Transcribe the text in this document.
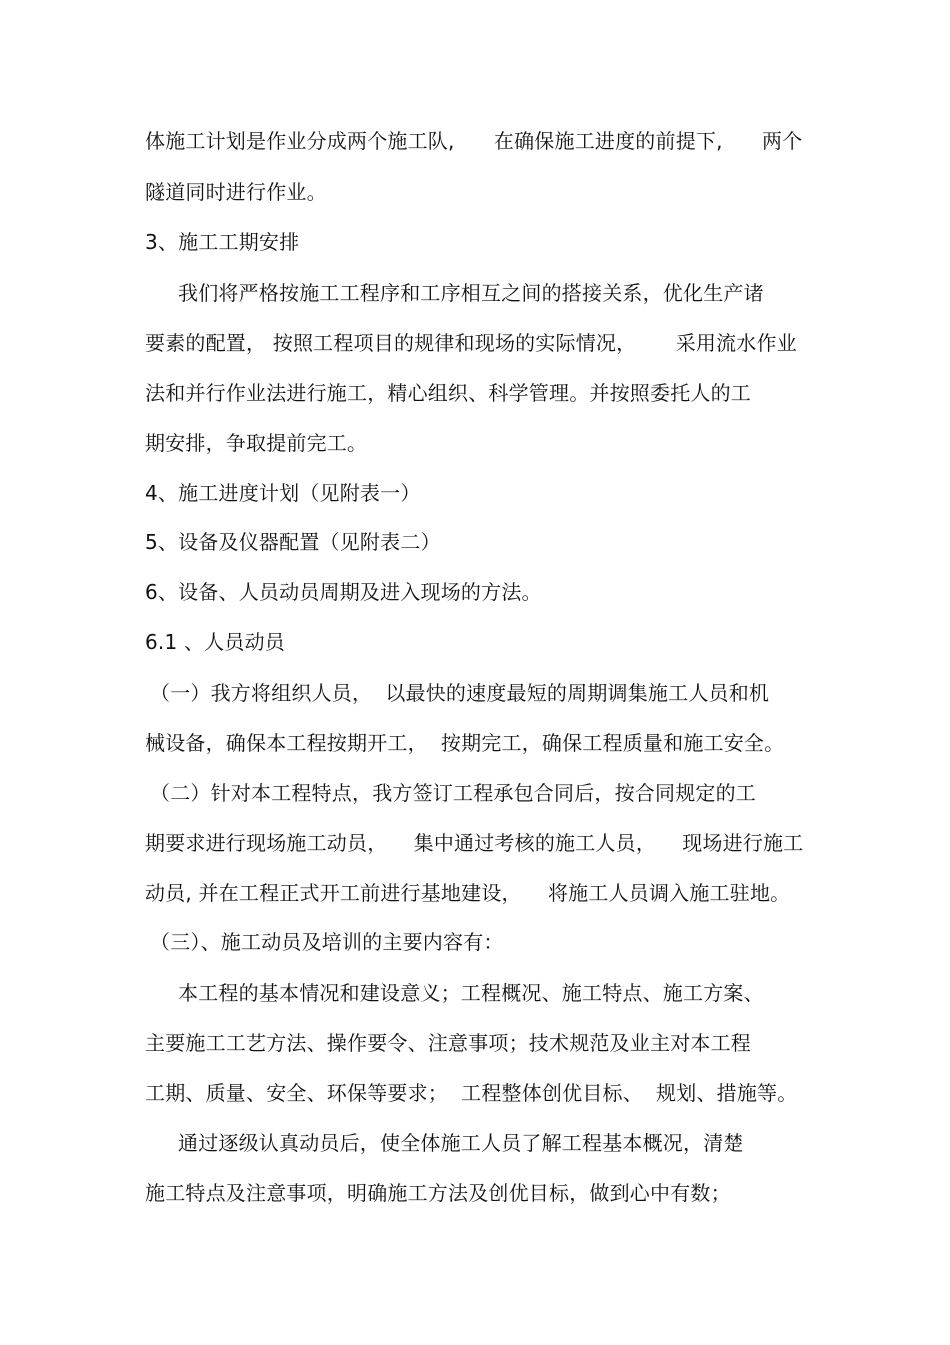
体施工计划是作业分成两个施工队,      在确保施工进度的前提下,      两个
隧道同时进行作业。
3、施工工期安排
我们将严格按施工工程序和工序相互之间的搭接关系，优化生产诸
要素的配置， 按照工程项目的规律和现场的实际情况，      采用流水作业
法和并行作业法进行施工，精心组织、科学管理。并按照委托人的工
期安排，争取提前完工。
4、施工进度计划（见附表一）
5、设备及仪器配置（见附表二）
6、设备、人员动员周期及进入现场的方法。
6.1 、人员动员
（一）我方将组织人员，  以最快的速度最短的周期调集施工人员和机
械设备，确保本工程按期开工，  按期完工，确保工程质量和施工安全。
（二）针对本工程特点，我方签订工程承包合同后，按合同规定的工
期要求进行现场施工动员，    集中通过考核的施工人员，    现场进行施工
动员, 并在工程正式开工前进行基地建设，    将施工人员调入施工驻地。
（三）、施工动员及培训的主要内容有：
本工程的基本情况和建设意义；工程概况、施工特点、施工方案、
主要施工工艺方法、操作要令、注意事项；技术规范及业主对本工程
工期、质量、安全、环保等要求；  工程整体创优目标、  规划、措施等。
通过逐级认真动员后，使全体施工人员了解工程基本概况，清楚
施工特点及注意事项，明确施工方法及创优目标，做到心中有数；
